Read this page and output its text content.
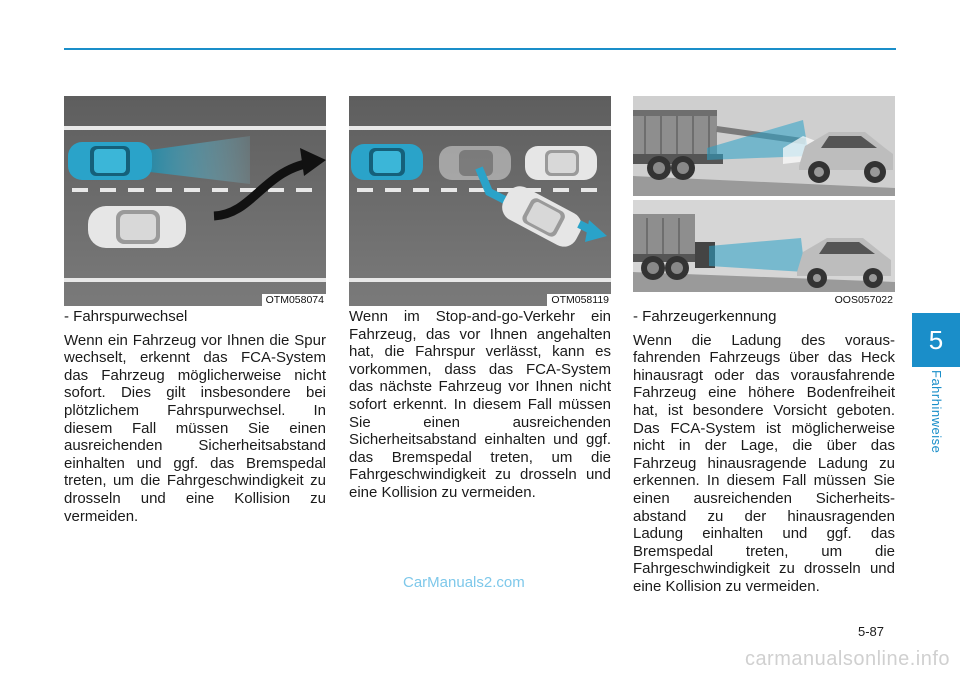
OTM058074	OTM058119	OOS057022

- Fahrspurwechsel

Wenn ein Fahrzeug vor Ihnen die Spur wechselt, erkennt das FCA-System das Fahrzeug möglicherweise nicht sofort. Dies gilt insbesondere bei plötzlichem Fahrspurwechsel. In diesem Fall müssen Sie einen ausreichenden Sicherheitsabstand einhalten und ggf. das Bremspedal treten, um die Fahrgeschwindigkeit zu drosseln und eine Kollision zu vermeiden.

Wenn im Stop-and-go-Verkehr ein Fahrzeug, das vor Ihnen angehalten hat, die Fahrspur verlässt, kann es vorkommen, dass das FCA-System das nächste Fahrzeug vor Ihnen nicht sofort erkennt. In diesem Fall müssen Sie einen ausreichenden Sicherheitsabstand einhalten und ggf. das Bremspedal treten, um die Fahrgeschwindigkeit zu drosseln und eine Kollision zu vermeiden.

- Fahrzeugerkennung

Wenn die Ladung des vorausfahrenden Fahrzeugs über das Heck hinausragt oder das vorausfahrende Fahrzeug eine höhere Bodenfreiheit hat, ist besondere Vorsicht geboten. Das FCA-System ist möglicherweise nicht in der Lage, die über das Fahrzeug hinausragende Ladung zu erkennen. In diesem Fall müssen Sie einen ausreichenden Sicherheitsabstand zu der hinausragenden Ladung einhalten und ggf. das Bremspedal treten, um die Fahrgeschwindigkeit zu drosseln und eine Kollision zu vermeiden.

5
Fahrhinweise
CarManuals2.com
5-87
carmanualsonline.info
